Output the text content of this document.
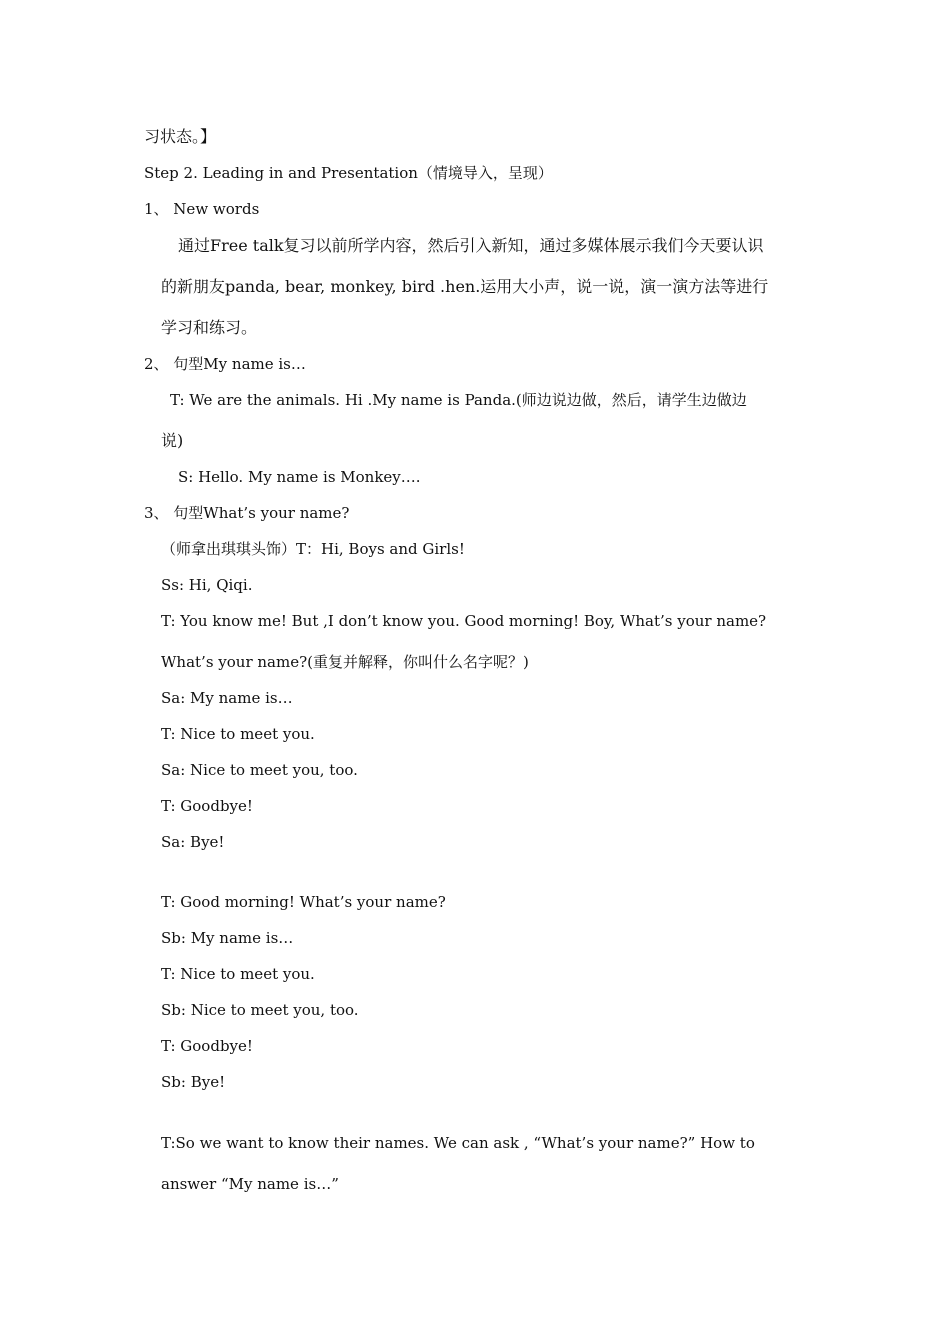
习状态。】
Step 2. Leading in and Presentation（情境导入，呈现）
1、 New words
通过Free talk复习以前所学内容，然后引入新知，通过多媒体展示我们今天要认识
的新朋友panda, bear, monkey, bird .hen.运用大小声，说一说，演一演方法等进行
学习和练习。
2、 句型My name is…
T: We are the animals. Hi .My name is Panda.(师边说边做，然后，请学生边做边
说)
S: Hello. My name is Monkey….
3、 句型What’s your name?
（师拿出琪琪头饰）T：Hi, Boys and Girls!
Ss: Hi, Qiqi.
T: You know me! But ,I don’t know you. Good morning! Boy, What’s your name?
What’s your name?(重复并解释，你叫什么名字呢？)
Sa: My name is…
T: Nice to meet you.
Sa: Nice to meet you, too.
T: Goodbye!
Sa: Bye!
T: Good morning! What’s your name?
Sb: My name is…
T: Nice to meet you.
Sb: Nice to meet you, too.
T: Goodbye!
Sb: Bye!
T:So we want to know their names. We can ask , “What’s your name?” How to
answer “My name is…”
